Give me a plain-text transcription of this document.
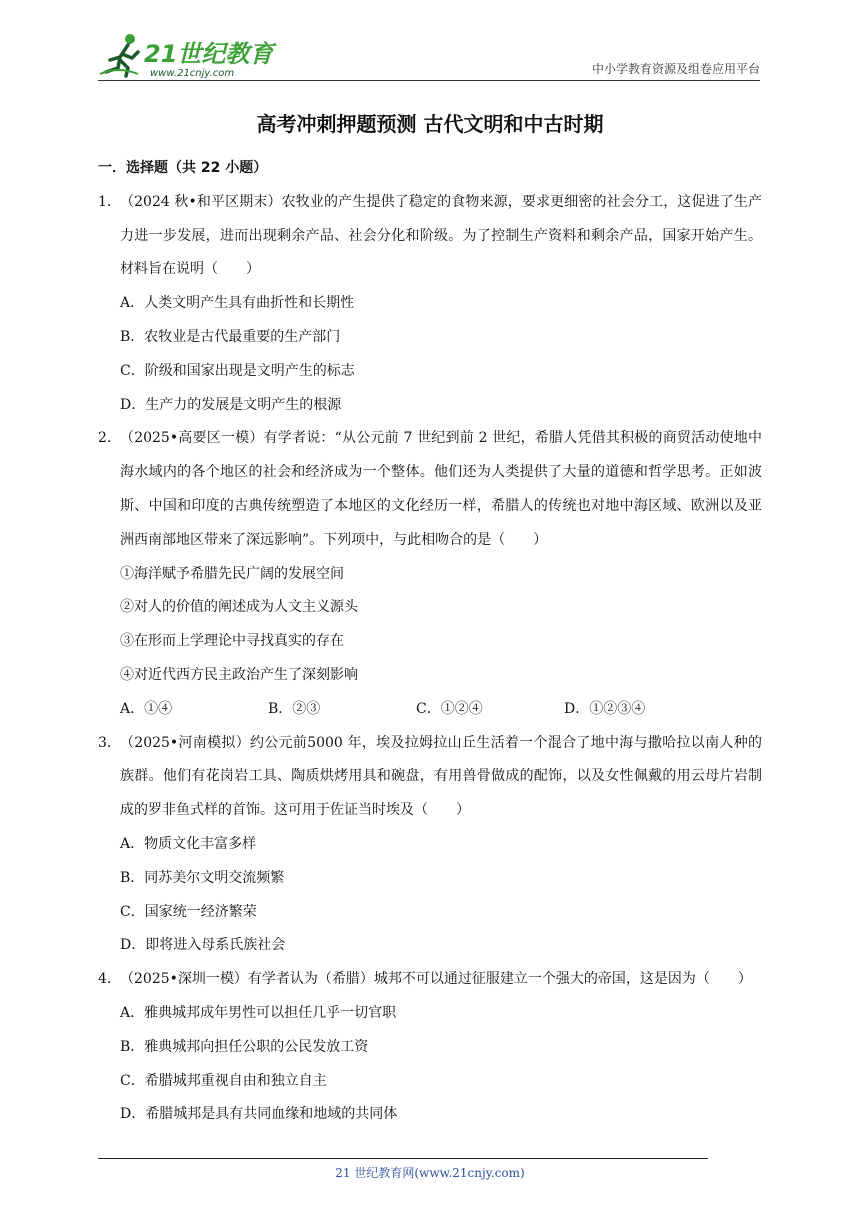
21世纪教育
www.21cnjy.com	中小学教育资源及组卷应用平台
高考冲刺押题预测 古代文明和中古时期
一．选择题（共 22 小题）
1． （2024 秋•和平区期末）农牧业的产生提供了稳定的食物来源，要求更细密的社会分工，这促进了生产力进一步发展，进而出现剩余产品、社会分化和阶级。为了控制生产资料和剩余产品，国家开始产生。材料旨在说明（　　）
A．人类文明产生具有曲折性和长期性
B．农牧业是古代最重要的生产部门
C．阶级和国家出现是文明产生的标志
D．生产力的发展是文明产生的根源
2． （2025•高要区一模）有学者说：“从公元前 7 世纪到前 2 世纪，希腊人凭借其积极的商贸活动使地中海水域内的各个地区的社会和经济成为一个整体。他们还为人类提供了大量的道德和哲学思考。正如波斯、中国和印度的古典传统塑造了本地区的文化经历一样，希腊人的传统也对地中海区域、欧洲以及亚洲西南部地区带来了深远影响”。下列项中，与此相吻合的是（　　）
①海洋赋予希腊先民广阔的发展空间
②对人的价值的阐述成为人文主义源头
③在形而上学理论中寻找真实的存在
④对近代西方民主政治产生了深刻影响
A．①④	B．②③	C．①②④	D．①②③④
3． （2025•河南模拟）约公元前5000 年，埃及拉姆拉山丘生活着一个混合了地中海与撒哈拉以南人种的族群。他们有花岗岩工具、陶质烘烤用具和碗盘，有用兽骨做成的配饰，以及女性佩戴的用云母片岩制成的罗非鱼式样的首饰。这可用于佐证当时埃及（　　）
A．物质文化丰富多样
B．同苏美尔文明交流频繁
C．国家统一经济繁荣
D．即将进入母系氏族社会
4． （2025•深圳一模）有学者认为（希腊）城邦不可以通过征服建立一个强大的帝国，这是因为（　　）
A．雅典城邦成年男性可以担任几乎一切官职
B．雅典城邦向担任公职的公民发放工资
C．希腊城邦重视自由和独立自主
D．希腊城邦是具有共同血缘和地域的共同体
21 世纪教育网(www.21cnjy.com)
